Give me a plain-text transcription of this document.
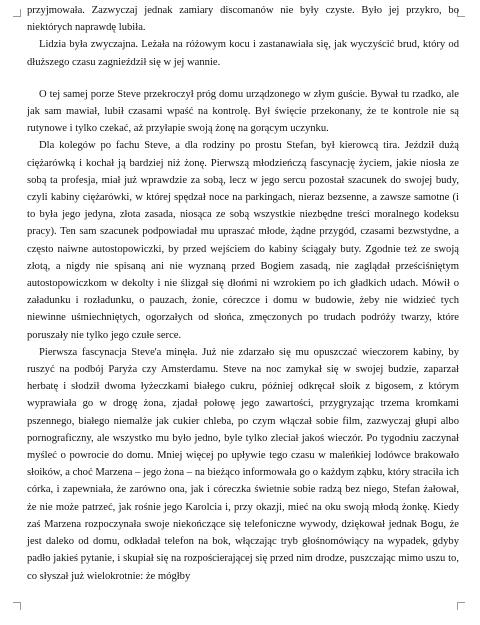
przyjmowała. Zazwyczaj jednak zamiary discomanów nie były czyste. Było jej przykro, bo niektórych naprawdę lubiła.

Lidzia była zwyczajna. Leżała na różowym kocu i zastanawiała się, jak wyczyścić brud, który od dłuższego czasu zagnieździł się w jej wannie.

O tej samej porze Steve przekroczył próg domu urządzonego w złym guście. Bywał tu rzadko, ale jak sam mawiał, lubił czasami wpaść na kontrolę. Był święcie przekonany, że te kontrole nie są rutynowe i tylko czekać, aż przyłapie swoją żonę na gorącym uczynku.

Dla kolegów po fachu Steve, a dla rodziny po prostu Stefan, był kierowcą tira. Jeździł dużą ciężarówką i kochał ją bardziej niż żonę. Pierwszą młodzieńczą fascynację życiem, jakie niosła ze sobą ta profesja, miał już wprawdzie za sobą, lecz w jego sercu pozostał szacunek do swojej budy, czyli kabiny ciężarówki, w której spędzał noce na parkingach, nieraz bezsenne, a zawsze samotne (i to była jego jedyna, złota zasada, niosąca ze sobą wszystkie niezbędne treści moralnego kodeksu pracy). Ten sam szacunek podpowiadał mu upraszać młode, żądne przygód, czasami bezwstydne, a często naiwne autostopowiczki, by przed wejściem do kabiny ściągały buty. Zgodnie też ze swoją złotą, a nigdy nie spisaną ani nie wyznaną przed Bogiem zasadą, nie zaglądał prześciśniętym autostopowiczkom w dekolty i nie ślizgał się dłońmi ni wzrokiem po ich gładkich udach. Mówił o załadunku i rozładunku, o pauzach, żonie, córeczce i domu w budowie, żeby nie widzieć tych niewinne uśmiechniętych, ogorzałych od słońca, zmęczonych po trudach podróży twarzy, które poruszały nie tylko jego czułe serce.

Pierwsza fascynacja Steve'a minęła. Już nie zdarzało się mu opuszczać wieczorem kabiny, by ruszyć na podbój Paryża czy Amsterdamu. Steve na noc zamykał się w swojej budzie, zaparzał herbatę i słodził dwoma łyżeczkami białego cukru, później odkręcał słoik z bigosem, z którym wyprawiała go w drogę żona, zjadał połowę jego zawartości, przygryzając trzema kromkami pszennego, białego niemalże jak cukier chleba, po czym włączał sobie film, zazwyczaj głupi albo pornograficzny, ale wszystko mu było jedno, byle tylko zleciał jakoś wieczór. Po tygodniu zaczynał myśleć o powrocie do domu. Mniej więcej po upływie tego czasu w maleńkiej lodówce brakowało słoików, a choć Marzena – jego żona – na bieżąco informowała go o każdym ząbku, który straciła ich córka, i zapewniała, że zarówno ona, jak i córeczka świetnie sobie radzą bez niego, Stefan żałował, że nie może patrzeć, jak rośnie jego Karolcia i, przy okazji, mieć na oku swoją młodą żonkę. Kiedy zaś Marzena rozpoczynała swoje niekończące się telefoniczne wywody, dziękował jednak Bogu, że jest daleko od domu, odkładał telefon na bok, włączając tryb głośnomówiący na wypadek, gdyby padło jakieś pytanie, i skupiał się na rozpościerającej się przed nim drodze, puszczając mimo uszu to, co słyszał już wielokrotnie: że mógłby
